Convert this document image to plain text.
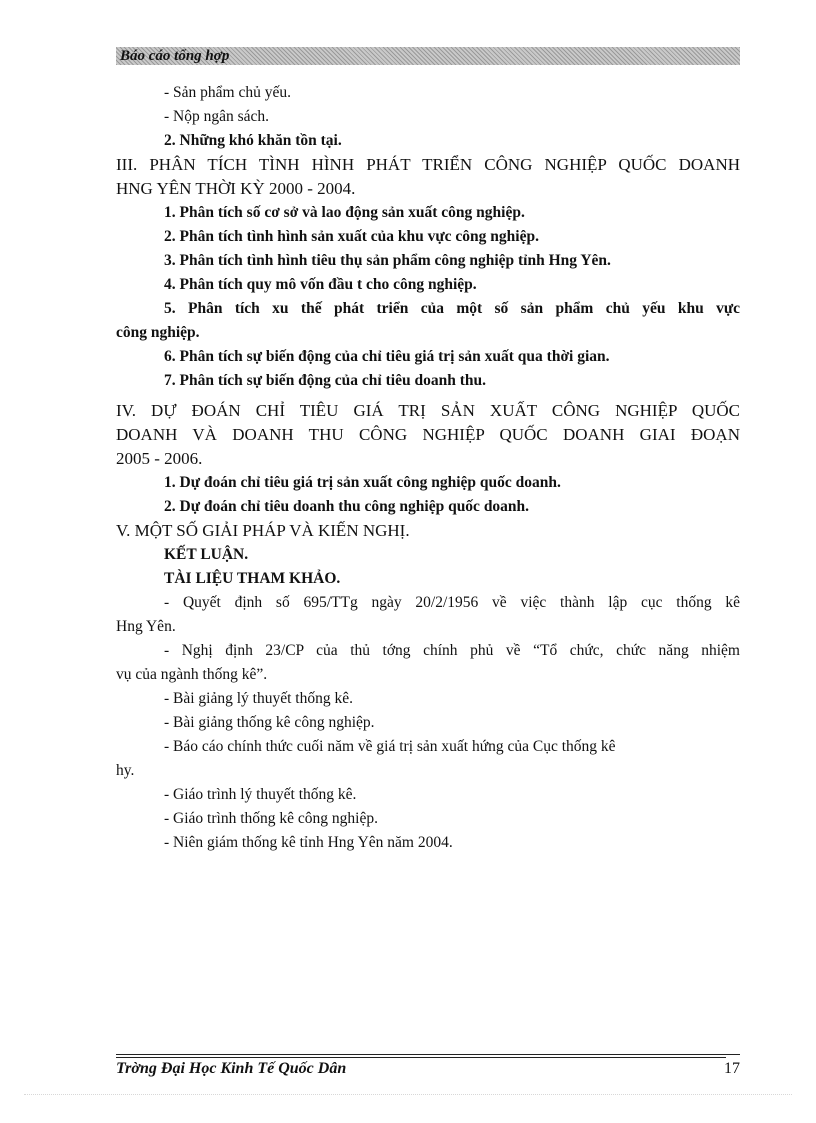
Báo cáo tổng hợp
- Sản phẩm chủ yếu.
- Nộp ngân sách.
2. Những khó khăn tồn tại.
III. PHÂN TÍCH TÌNH HÌNH PHÁT TRIỂN CÔNG NGHIỆP QUỐC DOANH
HNG YÊN THỜI KỲ 2000 - 2004.
1. Phân tích số cơ sở và lao động sản xuất công nghiệp.
2. Phân tích tình hình sản xuất của khu vực công nghiệp.
3. Phân tích tình hình tiêu thụ sản phẩm công nghiệp tỉnh Hng Yên.
4. Phân tích quy mô vốn đầu t cho công nghiệp.
5. Phân tích xu thế phát triển của một số sản phẩm chủ yếu khu vực
công nghiệp.
6. Phân tích sự biến động của chỉ tiêu giá trị sản xuất qua thời gian.
7. Phân tích sự biến động của chỉ tiêu doanh thu.
IV. DỰ ĐOÁN CHỈ TIÊU GIÁ TRỊ SẢN XUẤT CÔNG NGHIỆP QUỐC
DOANH VÀ DOANH THU CÔNG NGHIỆP QUỐC DOANH GIAI ĐOẠN
2005 - 2006.
1. Dự đoán chỉ tiêu giá trị sản xuất công nghiệp quốc doanh.
2. Dự đoán chỉ tiêu doanh thu công nghiệp quốc doanh.
V. MỘT SỐ GIẢI PHÁP VÀ KIẾN NGHỊ.
KẾT LUẬN.
TÀI LIỆU THAM KHẢO.
- Quyết định số 695/TTg ngày 20/2/1956 về việc thành lập cục thống kê
Hng Yên.
- Nghị định 23/CP của thủ tớng chính phủ về “Tổ chức, chức năng nhiệm
vụ của ngành thống kê”.
- Bài giảng lý thuyết thống kê.
- Bài giảng thống kê công nghiệp.
- Báo cáo chính thức cuối năm về giá trị sản xuất hứng của Cục thống kê
hy.
- Giáo trình lý thuyết thống kê.
- Giáo trình thống kê công nghiệp.
- Niên giám thống kê tỉnh Hng Yên năm 2004.
Trờng Đại Học Kinh Tế Quốc Dân	17
